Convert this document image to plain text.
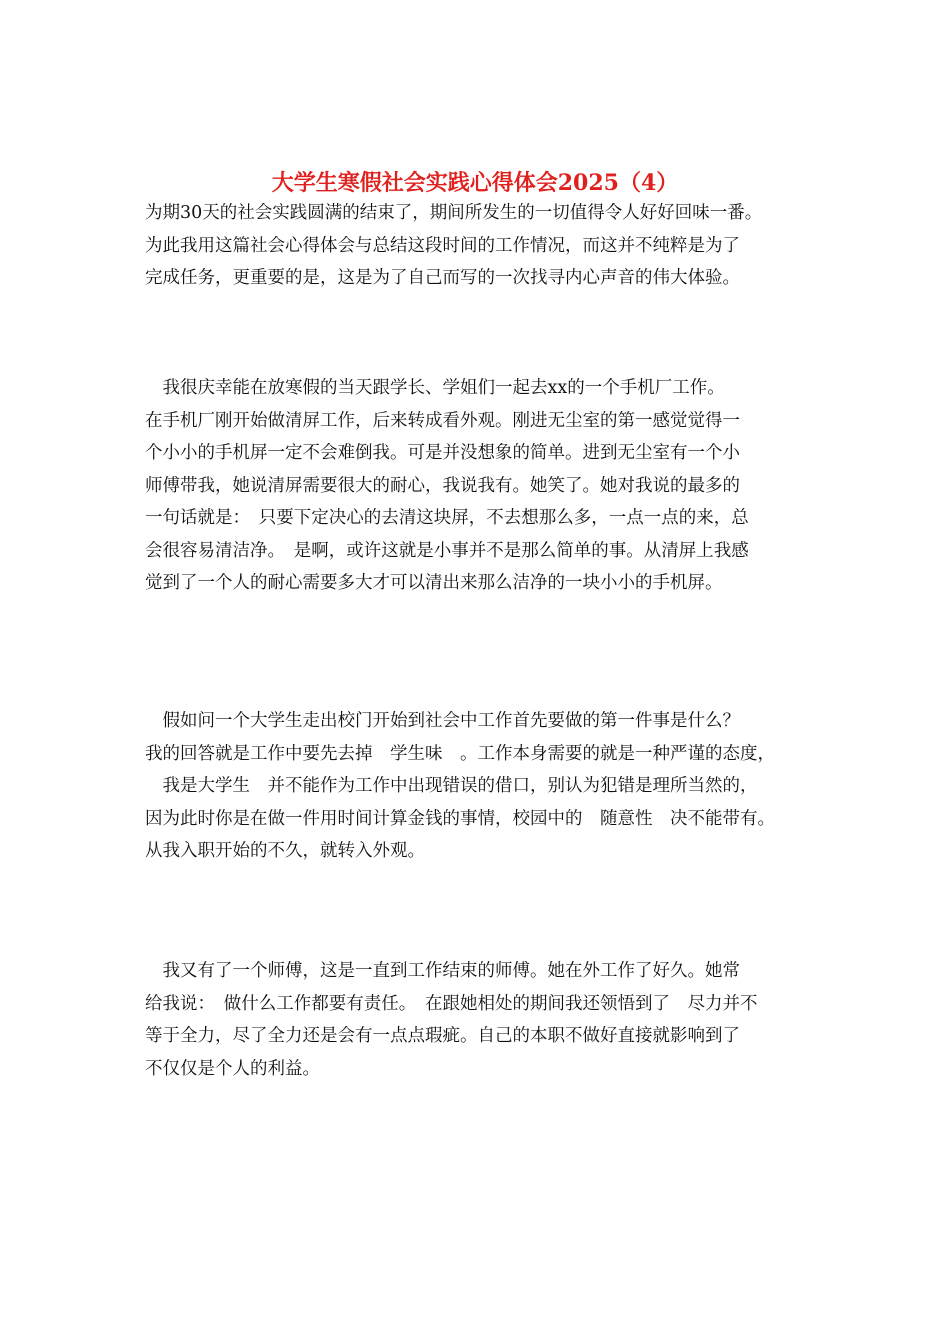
大学生寒假社会实践心得体会2025（4）

为期30天的社会实践圆满的结束了，期间所发生的一切值得令人好好回味一番。
为此我用这篇社会心得体会与总结这段时间的工作情况，而这并不纯粹是为了
完成任务，更重要的是，这是为了自己而写的一次找寻内心声音的伟大体验。

　我很庆幸能在放寒假的当天跟学长、学姐们一起去xx的一个手机厂工作。
在手机厂刚开始做清屏工作，后来转成看外观。刚进无尘室的第一感觉觉得一
个小小的手机屏一定不会难倒我。可是并没想象的简单。进到无尘室有一个小
师傅带我，她说清屏需要很大的耐心，我说我有。她笑了。她对我说的最多的
一句话就是：　只要下定决心的去清这块屏，不去想那么多，一点一点的来，总
会很容易清洁净。　是啊，或许这就是小事并不是那么简单的事。从清屏上我感
觉到了一个人的耐心需要多大才可以清出来那么洁净的一块小小的手机屏。

　假如问一个大学生走出校门开始到社会中工作首先要做的第一件事是什么？
我的回答就是工作中要先去掉　学生味　。工作本身需要的就是一种严谨的态度，
　我是大学生　并不能作为工作中出现错误的借口，别认为犯错是理所当然的，
因为此时你是在做一件用时间计算金钱的事情，校园中的　随意性　决不能带有。
从我入职开始的不久，就转入外观。

　我又有了一个师傅，这是一直到工作结束的师傅。她在外工作了好久。她常
给我说：　做什么工作都要有责任。　在跟她相处的期间我还领悟到了　尽力并不
等于全力，尽了全力还是会有一点点瑕疵。自己的本职不做好直接就影响到了
不仅仅是个人的利益。
